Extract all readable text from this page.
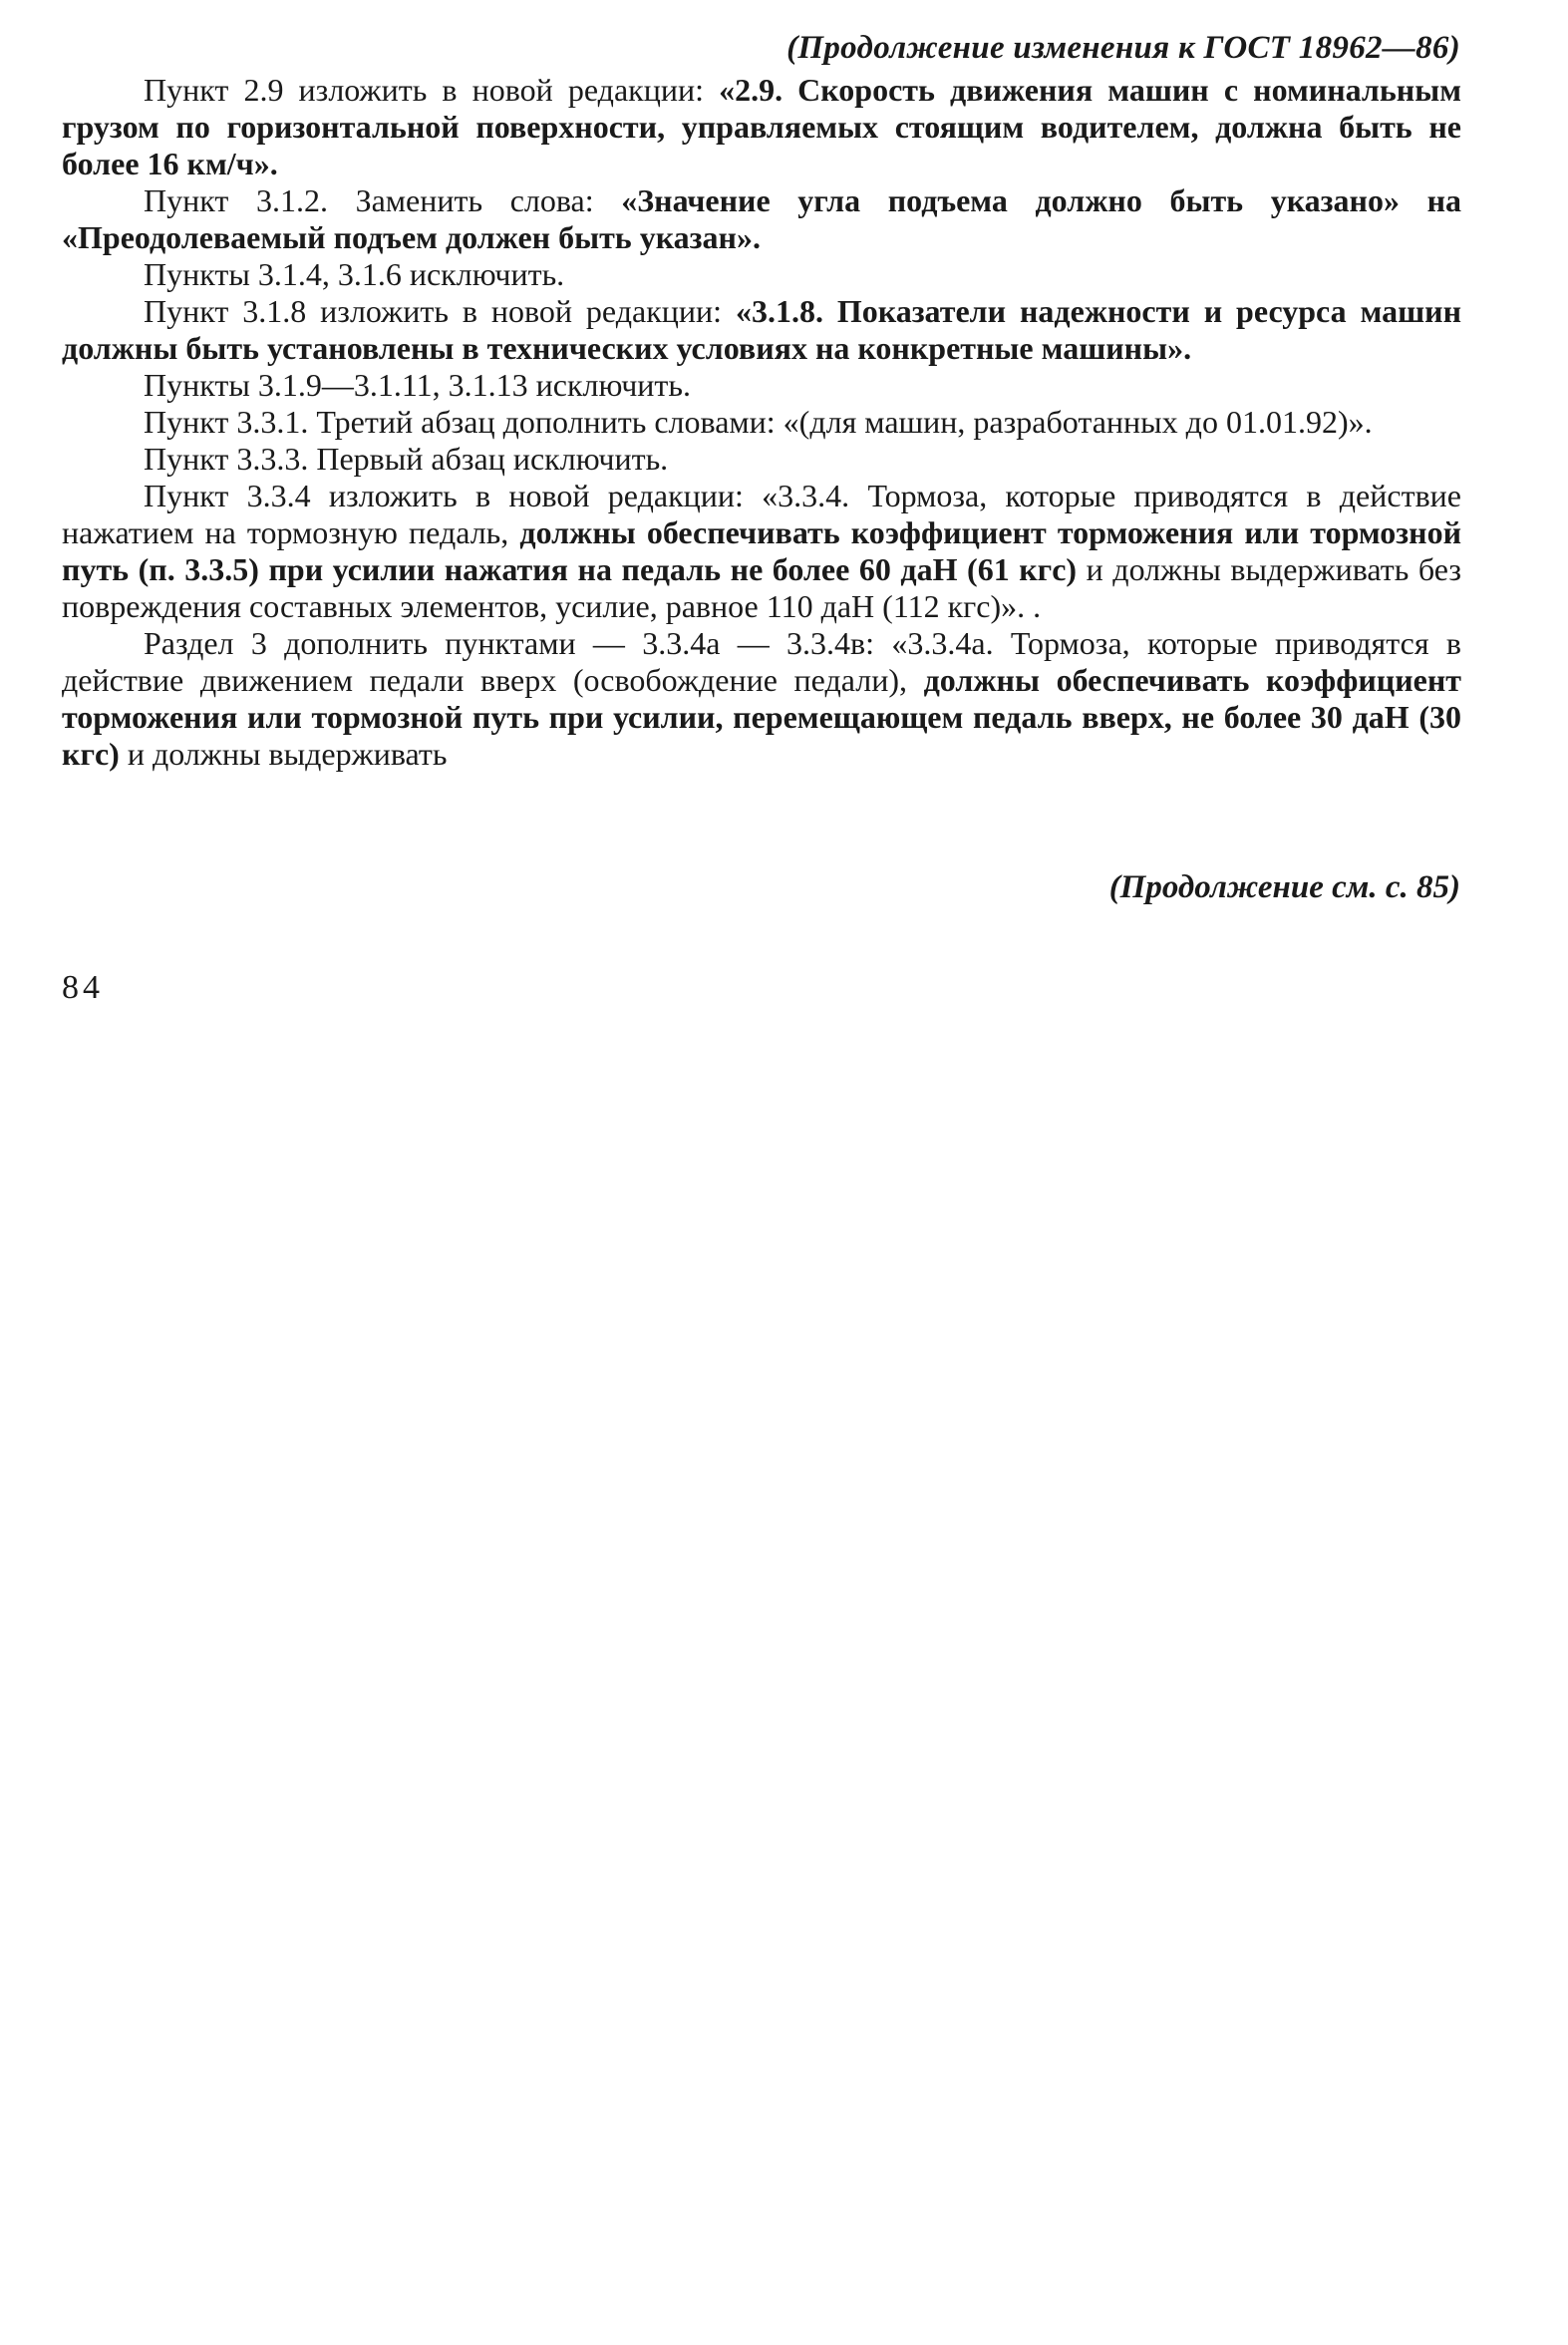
(Продолжение изменения к ГОСТ 18962—86)

Пункт 2.9 изложить в новой редакции: «2.9. Скорость движения машин с номинальным грузом по горизонтальной поверхности, управляемых стоящим водителем, должна быть не более 16 км/ч».

Пункт 3.1.2. Заменить слова: «Значение угла подъема должно быть указано» на «Преодолеваемый подъем должен быть указан».

Пункты 3.1.4, 3.1.6 исключить.

Пункт 3.1.8 изложить в новой редакции: «3.1.8. Показатели надежности и ресурса машин должны быть установлены в технических условиях на конкретные машины».

Пункты 3.1.9—3.1.11, 3.1.13 исключить.

Пункт 3.3.1. Третий абзац дополнить словами: «(для машин, разработанных до 01.01.92)».

Пункт 3.3.3. Первый абзац исключить.

Пункт 3.3.4 изложить в новой редакции: «3.3.4. Тормоза, которые приводятся в действие нажатием на тормозную педаль, должны обеспечивать коэффициент торможения или тормозной путь (п. 3.3.5) при усилии нажатия на педаль не более 60 даН (61 кгс) и должны выдерживать без повреждения составных элементов, усилие, равное 110 даН (112 кгс)». .

Раздел 3 дополнить пунктами — 3.3.4а — 3.3.4в: «3.3.4а. Тормоза, которые приводятся в действие движением педали вверх (освобождение педали), должны обеспечивать коэффициент торможения или тормозной путь при усилии, перемещающем педаль вверх, не более 30 даН (30 кгс) и должны выдерживать

(Продолжение см. с. 85)
84
